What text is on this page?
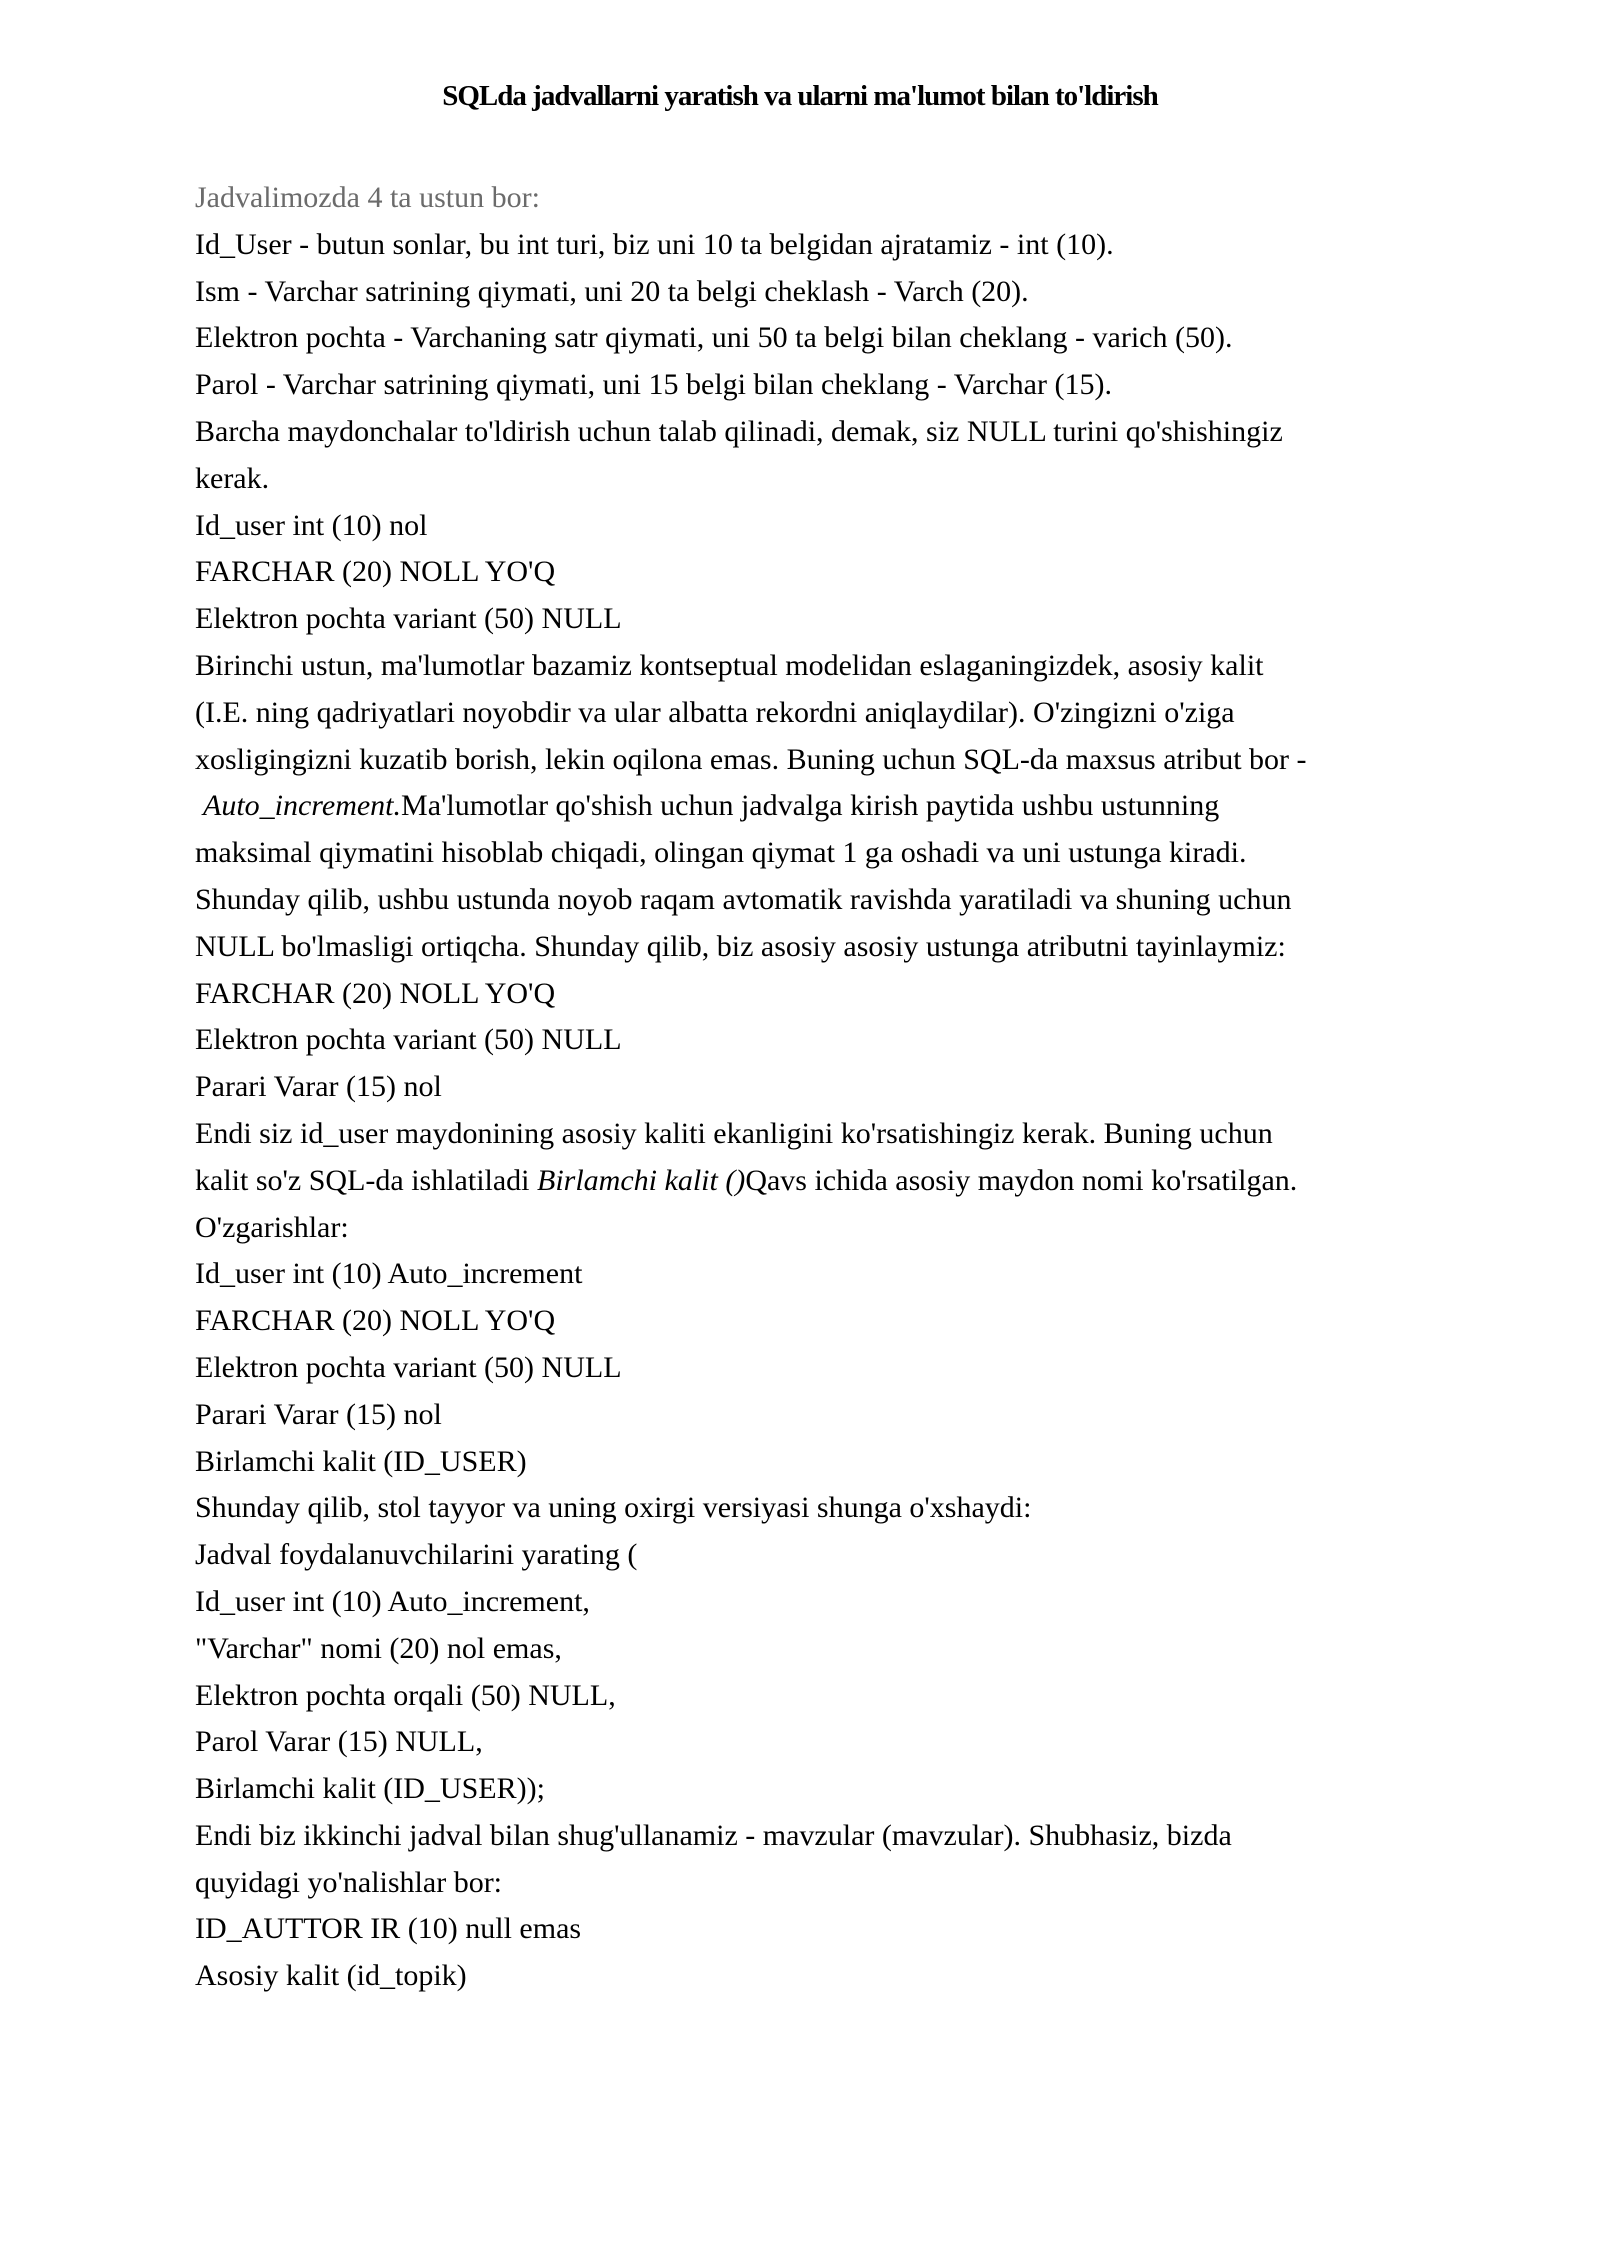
SQLda jadvallarni yaratish va ularni ma'lumot bilan to'ldirish
Jadvalimozda 4 ta ustun bor:
Id_User - butun sonlar, bu int turi, biz uni 10 ta belgidan ajratamiz - int (10).
Ism - Varchar satrining qiymati, uni 20 ta belgi cheklash - Varch (20).
Elektron pochta - Varchaning satr qiymati, uni 50 ta belgi bilan cheklang - varich (50).
Parol - Varchar satrining qiymati, uni 15 belgi bilan cheklang - Varchar (15).
Barcha maydonchalar to'ldirish uchun talab qilinadi, demak, siz NULL turini qo'shishingiz
kerak.
Id_user int (10) nol
FARCHAR (20) NOLL YO'Q
Elektron pochta variant (50) NULL
Birinchi ustun, ma'lumotlar bazamiz kontseptual modelidan eslaganingizdek, asosiy kalit
(I.E. ning qadriyatlari noyobdir va ular albatta rekordni aniqlaydilar). O'zingizni o'ziga
xosligingizni kuzatib borish, lekin oqilona emas. Buning uchun SQL-da maxsus atribut bor -
Auto_increment.Ma'lumotlar qo'shish uchun jadvalga kirish paytida ushbu ustunning
maksimal qiymatini hisoblab chiqadi, olingan qiymat 1 ga oshadi va uni ustunga kiradi.
Shunday qilib, ushbu ustunda noyob raqam avtomatik ravishda yaratiladi va shuning uchun
NULL bo'lmasligi ortiqcha. Shunday qilib, biz asosiy asosiy ustunga atributni tayinlaymiz:
FARCHAR (20) NOLL YO'Q
Elektron pochta variant (50) NULL
Parari Varar (15) nol
Endi siz id_user maydonining asosiy kaliti ekanligini ko'rsatishingiz kerak. Buning uchun
kalit so'z SQL-da ishlatiladi Birlamchi kalit ()Qavs ichida asosiy maydon nomi ko'rsatilgan.
O'zgarishlar:
Id_user int (10) Auto_increment
FARCHAR (20) NOLL YO'Q
Elektron pochta variant (50) NULL
Parari Varar (15) nol
Birlamchi kalit (ID_USER)
Shunday qilib, stol tayyor va uning oxirgi versiyasi shunga o'xshaydi:
Jadval foydalanuvchilarini yarating (
Id_user int (10) Auto_increment,
"Varchar" nomi (20) nol emas,
Elektron pochta orqali (50) NULL,
Parol Varar (15) NULL,
Birlamchi kalit (ID_USER));
Endi biz ikkinchi jadval bilan shug'ullanamiz - mavzular (mavzular). Shubhasiz, bizda
quyidagi yo'nalishlar bor:
ID_AUTTOR IR (10) null emas
Asosiy kalit (id_topik)
